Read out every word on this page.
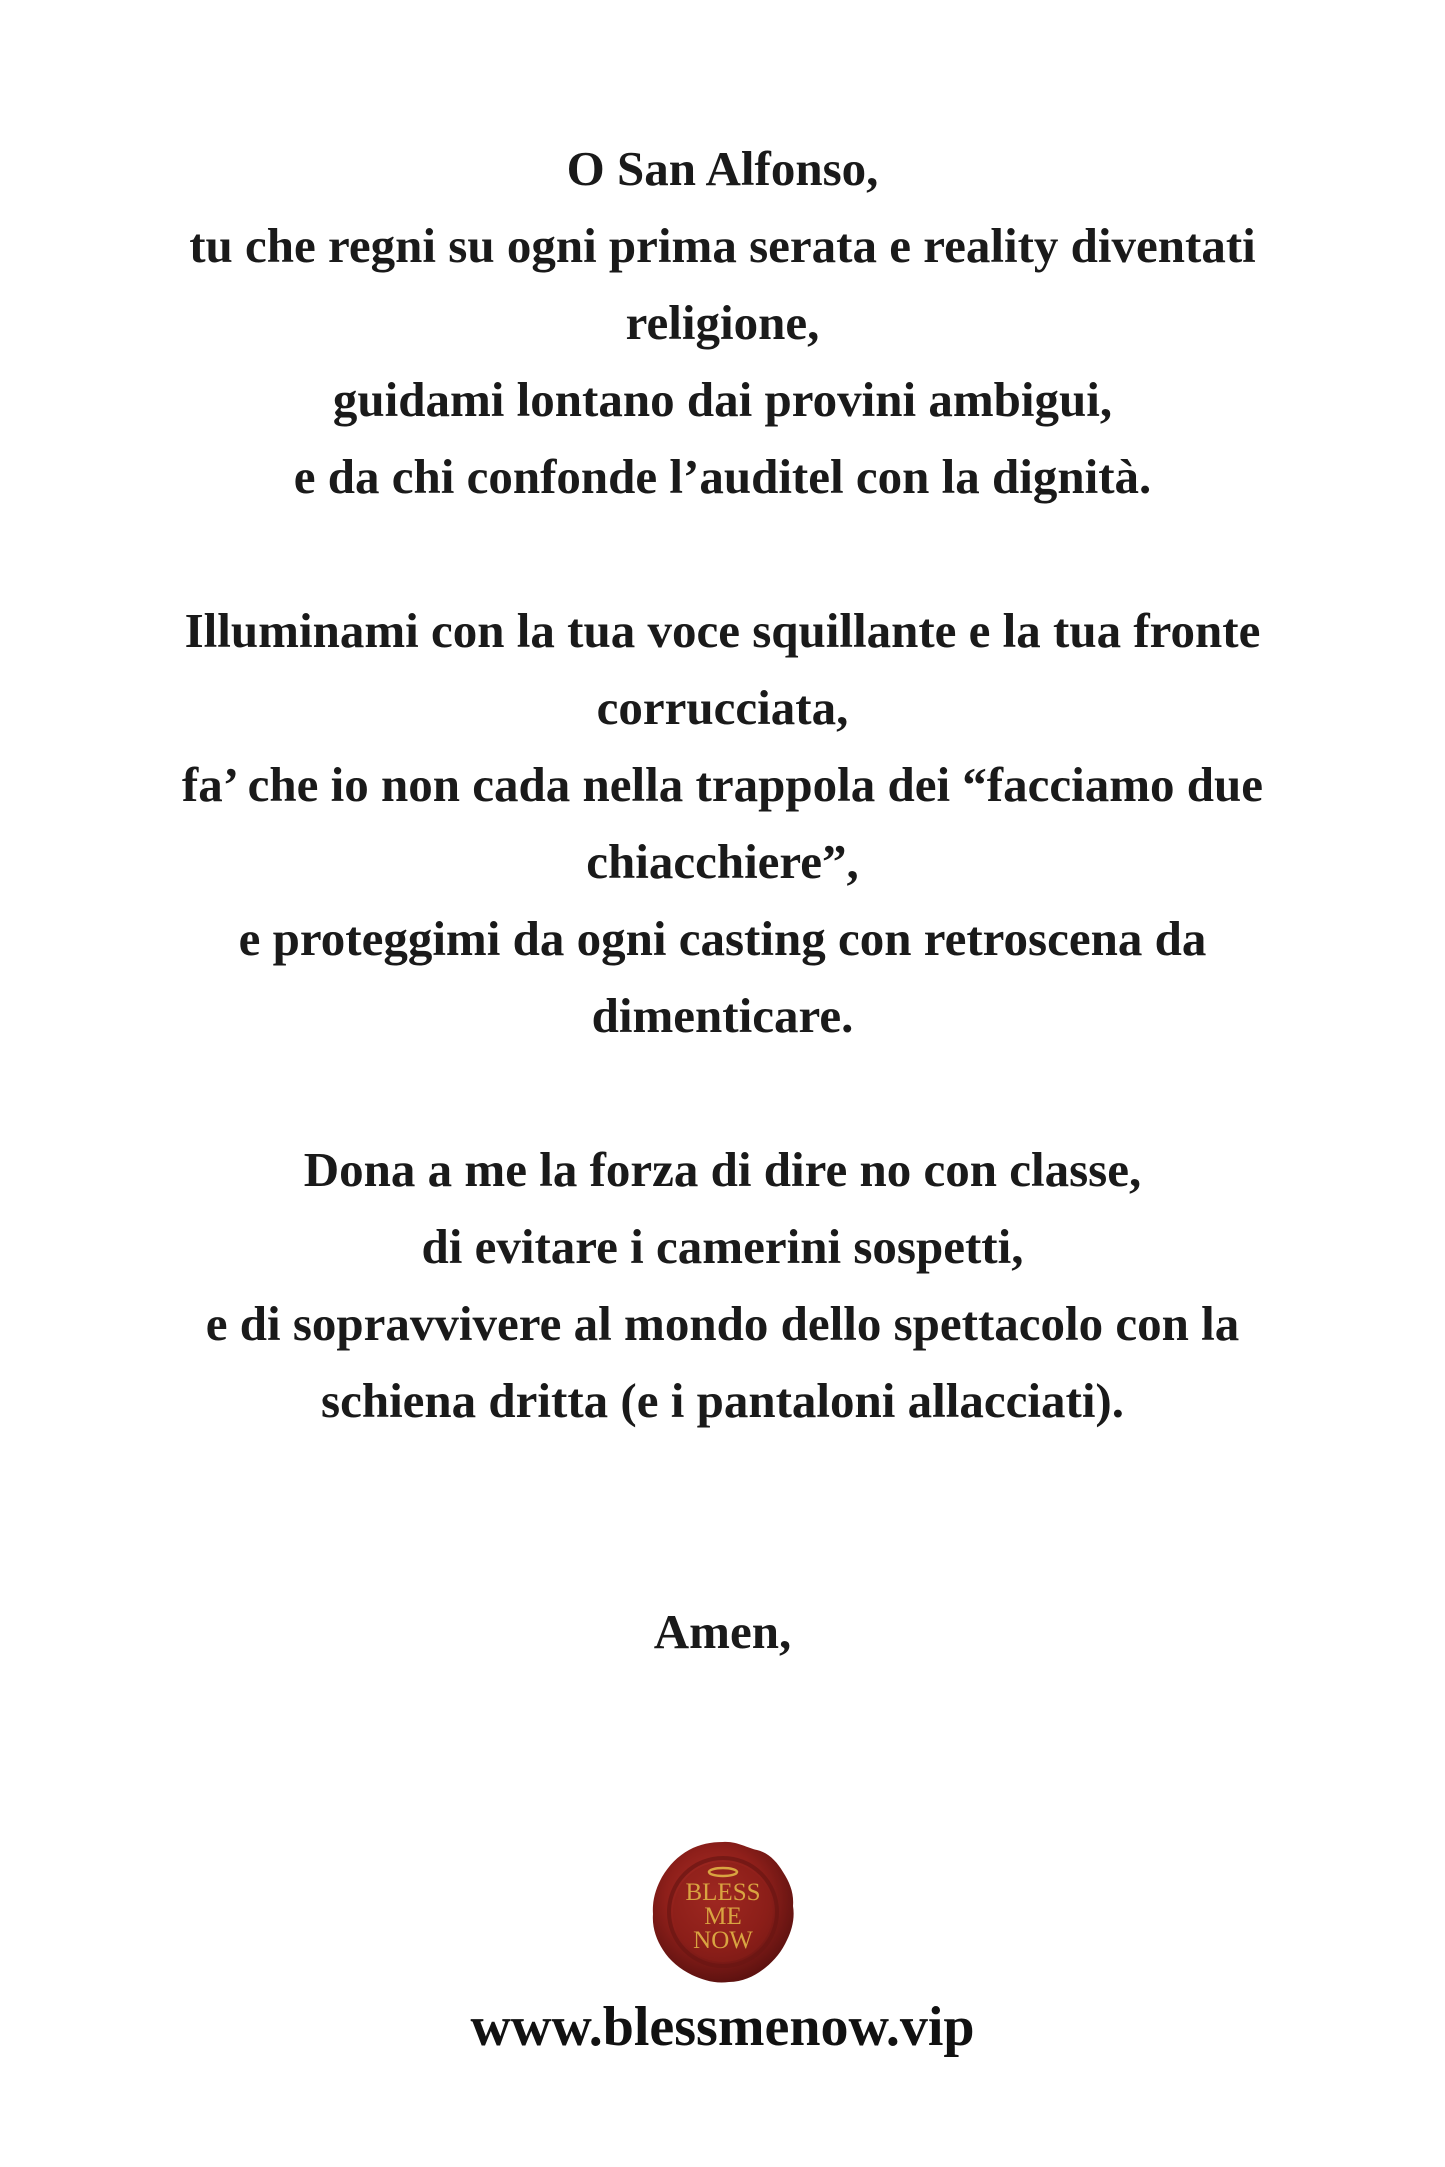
O San Alfonso,
tu che regni su ogni prima serata e reality diventati
religione,
guidami lontano dai provini ambigui,
e da chi confonde l’auditel con la dignità.

Illuminami con la tua voce squillante e la tua fronte
corrucciata,
fa’ che io non cada nella trappola dei “facciamo due
chiacchiere”,
e proteggimi da ogni casting con retroscena da
dimenticare.

Dona a me la forza di dire no con classe,
di evitare i camerini sospetti,
e di sopravvivere al mondo dello spettacolo con la
schiena dritta (e i pantaloni allacciati).

Amen,

BLESS
ME
NOW
www.blessmenow.vip
